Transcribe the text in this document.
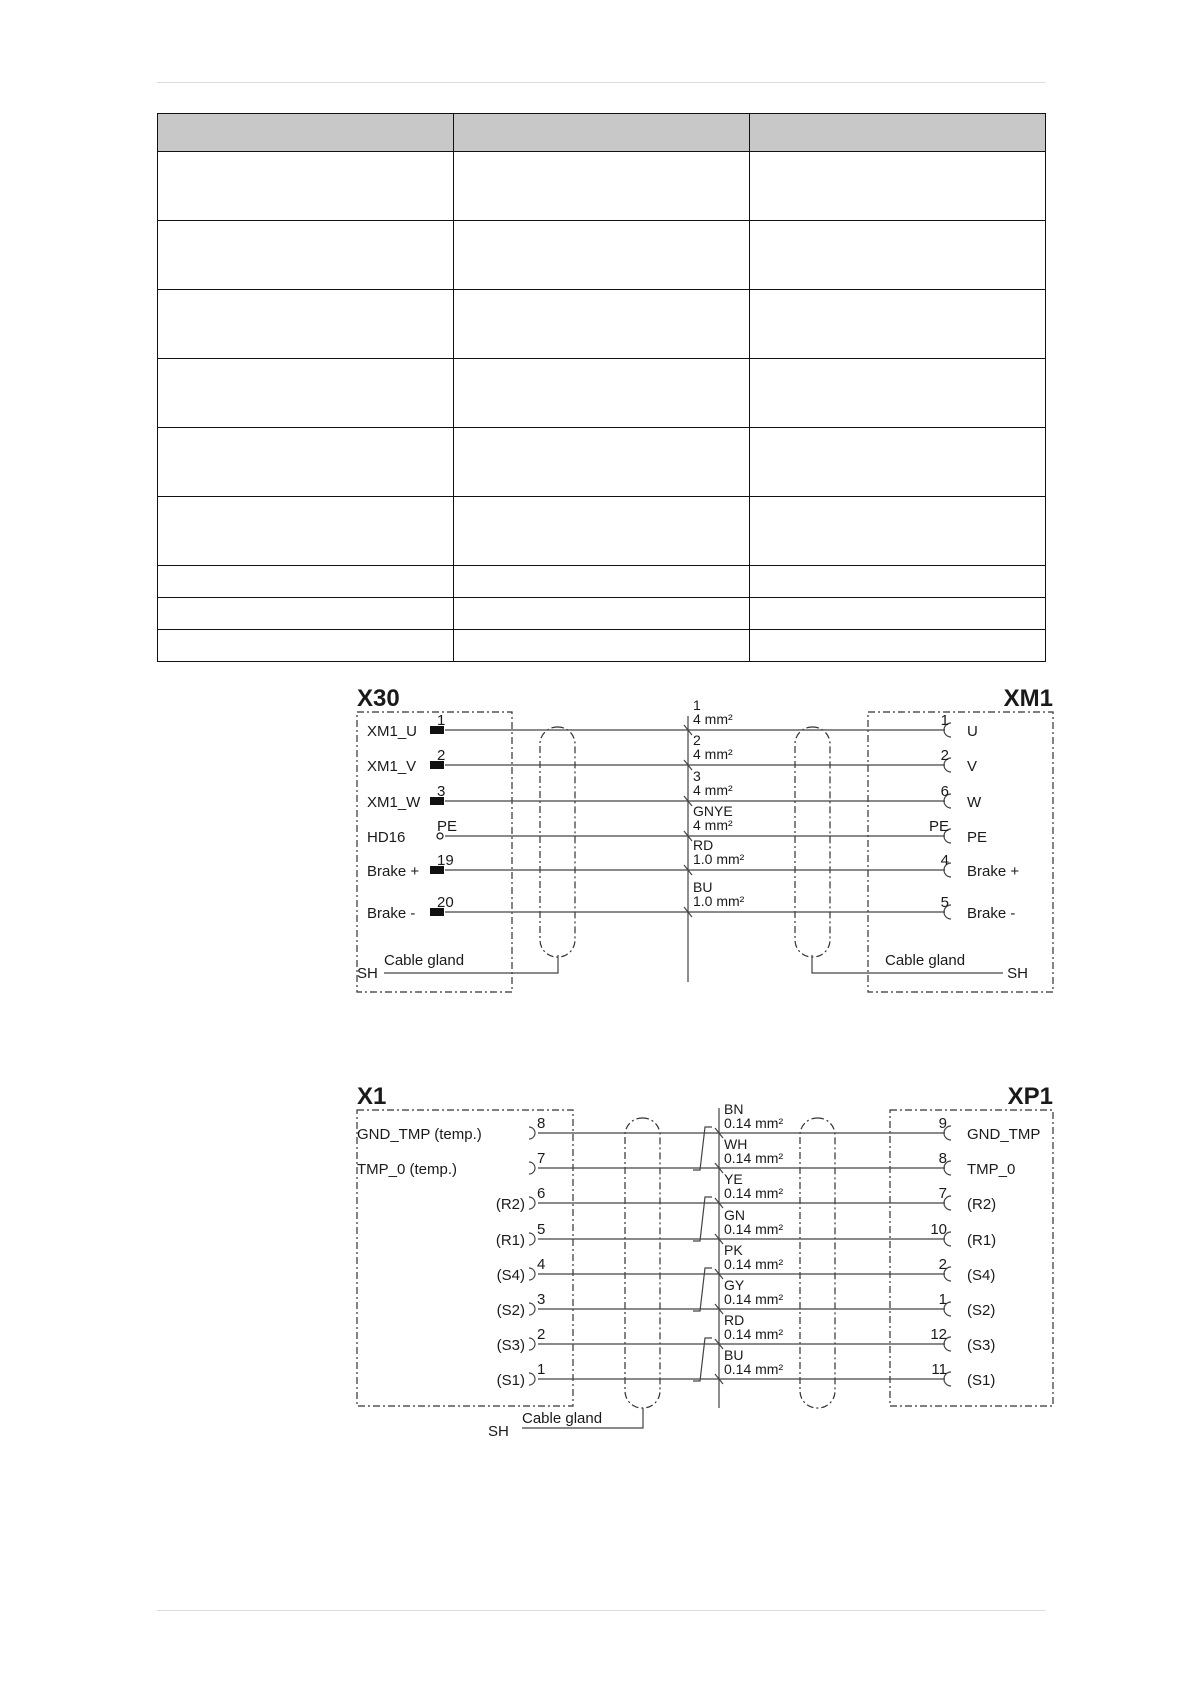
X30	XM1
XM1_U
1
1
4 mm²	1
U
XM1_V
2
2
4 mm²	2
V
XM1_W
3
3
4 mm²	6
W
HD16
PE
GNYE
4 mm²	PE
PE
Brake +
19
RD
1.0 mm²	4
Brake +
Brake -
20
BU
1.0 mm²	5
Brake -
SH
Cable gland	Cable gland
SH
X1	XP1
GND_TMP (temp.)
8
BN
0.14 mm²	9
GND_TMP
TMP_0 (temp.)
7
WH
0.14 mm²	8
TMP_0
(R2)
6
YE
0.14 mm²	7
(R2)
(R1)
5
GN
0.14 mm²	10
(R1)
(S4)
4
PK
0.14 mm²	2
(S4)
(S2)
3
GY
0.14 mm²	1
(S2)
(S3)
2
RD
0.14 mm²	12
(S3)
(S1)
1
BU
0.14 mm²	11
(S1)
SH
Cable gland
